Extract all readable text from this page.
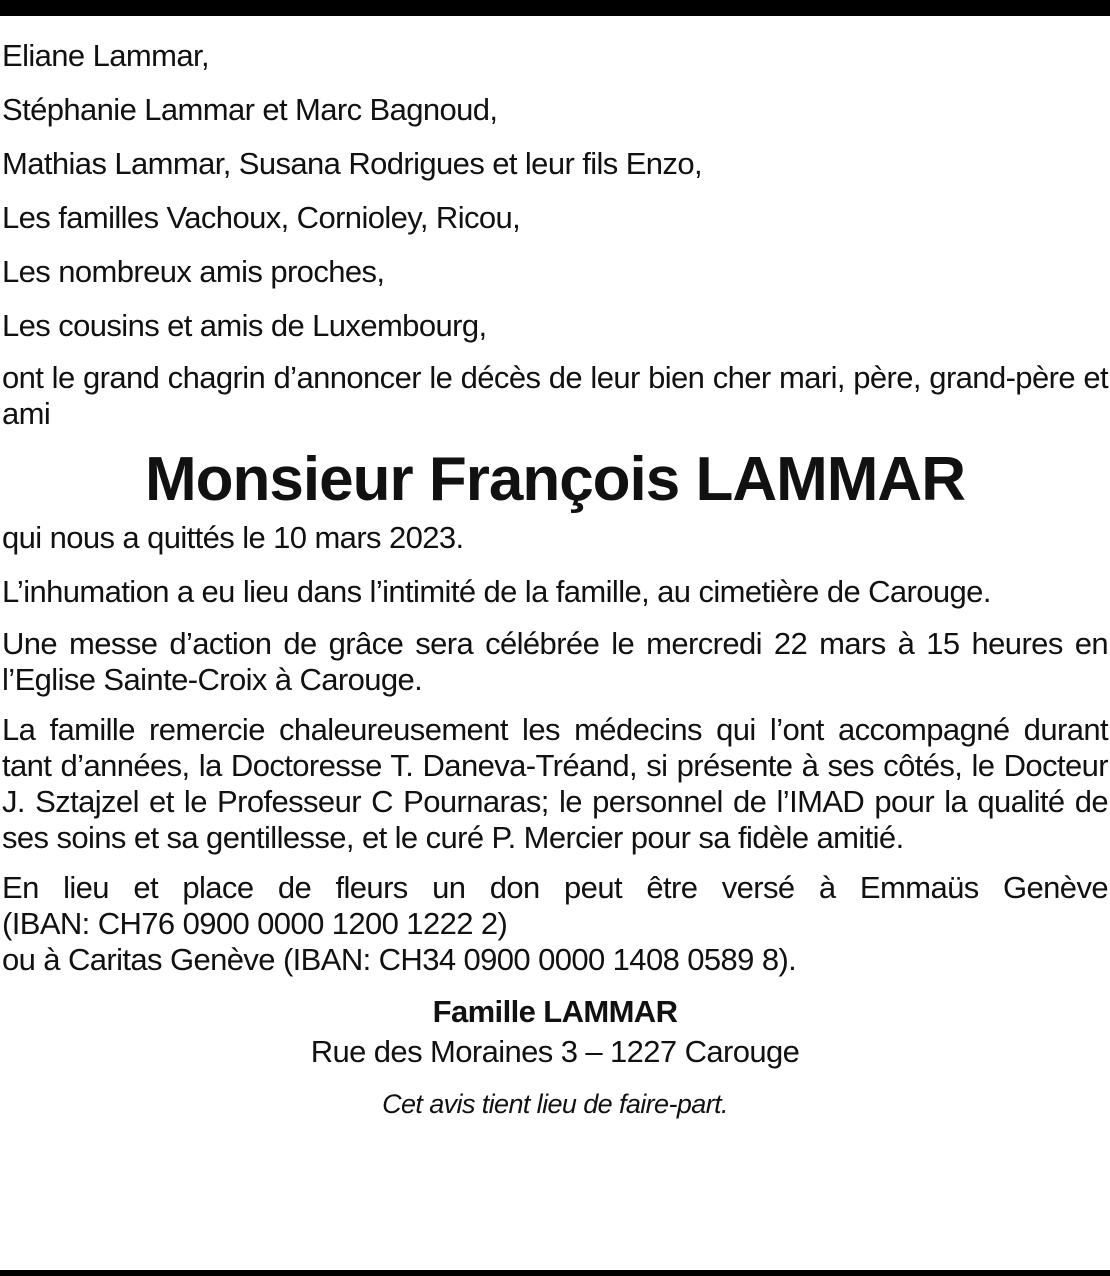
Eliane Lammar,
Stéphanie Lammar et Marc Bagnoud,
Mathias Lammar, Susana Rodrigues et leur fils Enzo,
Les familles Vachoux, Cornioley, Ricou,
Les nombreux amis proches,
Les cousins et amis de Luxembourg,
ont le grand chagrin d’annoncer le décès de leur bien cher mari, père, grand-père et ami
Monsieur François LAMMAR
qui nous a quittés le 10 mars 2023.
L’inhumation a eu lieu dans l’intimité de la famille, au cimetière de Carouge.
Une messe d’action de grâce sera célébrée le mercredi 22 mars à 15 heures en l’Eglise Sainte-Croix à Carouge.
La famille remercie chaleureusement les médecins qui l’ont accompagné durant tant d’années, la Doctoresse T. Daneva-Tréand, si présente à ses côtés, le Docteur J. Sztajzel et le Professeur C Pournaras; le personnel de l’IMAD pour la qualité de ses soins et sa gentillesse, et le curé P. Mercier pour sa fidèle amitié.
En lieu et place de fleurs un don peut être versé à Emmaüs Genève
(IBAN: CH76 0900 0000 1200 1222 2)
ou à Caritas Genève (IBAN: CH34 0900 0000 1408 0589 8).
Famille LAMMAR
Rue des Moraines 3 – 1227 Carouge
Cet avis tient lieu de faire-part.
